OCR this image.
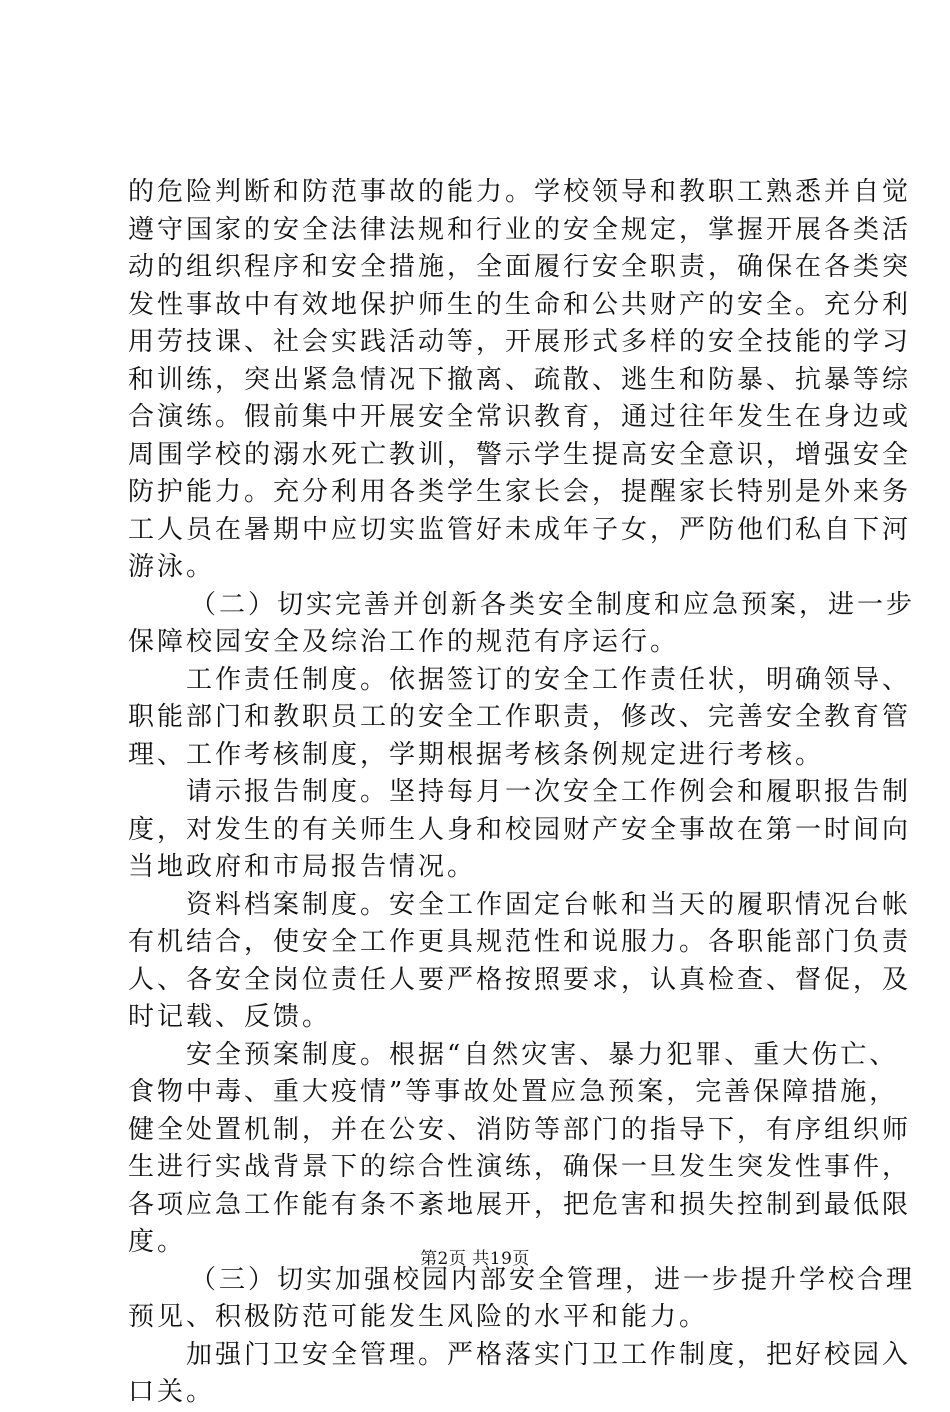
的危险判断和防范事故的能力。学校领导和教职工熟悉并自觉
遵守国家的安全法律法规和行业的安全规定，掌握开展各类活
动的组织程序和安全措施，全面履行安全职责，确保在各类突
发性事故中有效地保护师生的生命和公共财产的安全。充分利
用劳技课、社会实践活动等，开展形式多样的安全技能的学习
和训练，突出紧急情况下撤离、疏散、逃生和防暴、抗暴等综
合演练。假前集中开展安全常识教育，通过往年发生在身边或
周围学校的溺水死亡教训，警示学生提高安全意识，增强安全
防护能力。充分利用各类学生家长会，提醒家长特别是外来务
工人员在暑期中应切实监管好未成年子女，严防他们私自下河
游泳。
（二）切实完善并创新各类安全制度和应急预案，进一步
保障校园安全及综治工作的规范有序运行。
工作责任制度。依据签订的安全工作责任状，明确领导、
职能部门和教职员工的安全工作职责，修改、完善安全教育管
理、工作考核制度，学期根据考核条例规定进行考核。
请示报告制度。坚持每月一次安全工作例会和履职报告制
度，对发生的有关师生人身和校园财产安全事故在第一时间向
当地政府和市局报告情况。
资料档案制度。安全工作固定台帐和当天的履职情况台帐
有机结合，使安全工作更具规范性和说服力。各职能部门负责
人、各安全岗位责任人要严格按照要求，认真检查、督促，及
时记载、反馈。
安全预案制度。根据“自然灾害、暴力犯罪、重大伤亡、
食物中毒、重大疫情”等事故处置应急预案，完善保障措施，
健全处置机制，并在公安、消防等部门的指导下，有序组织师
生进行实战背景下的综合性演练，确保一旦发生突发性事件，
各项应急工作能有条不紊地展开，把危害和损失控制到最低限
度。
（三）切实加强校园内部安全管理，进一步提升学校合理
预见、积极防范可能发生风险的水平和能力。
加强门卫安全管理。严格落实门卫工作制度，把好校园入
口关。
第2页 共19页
